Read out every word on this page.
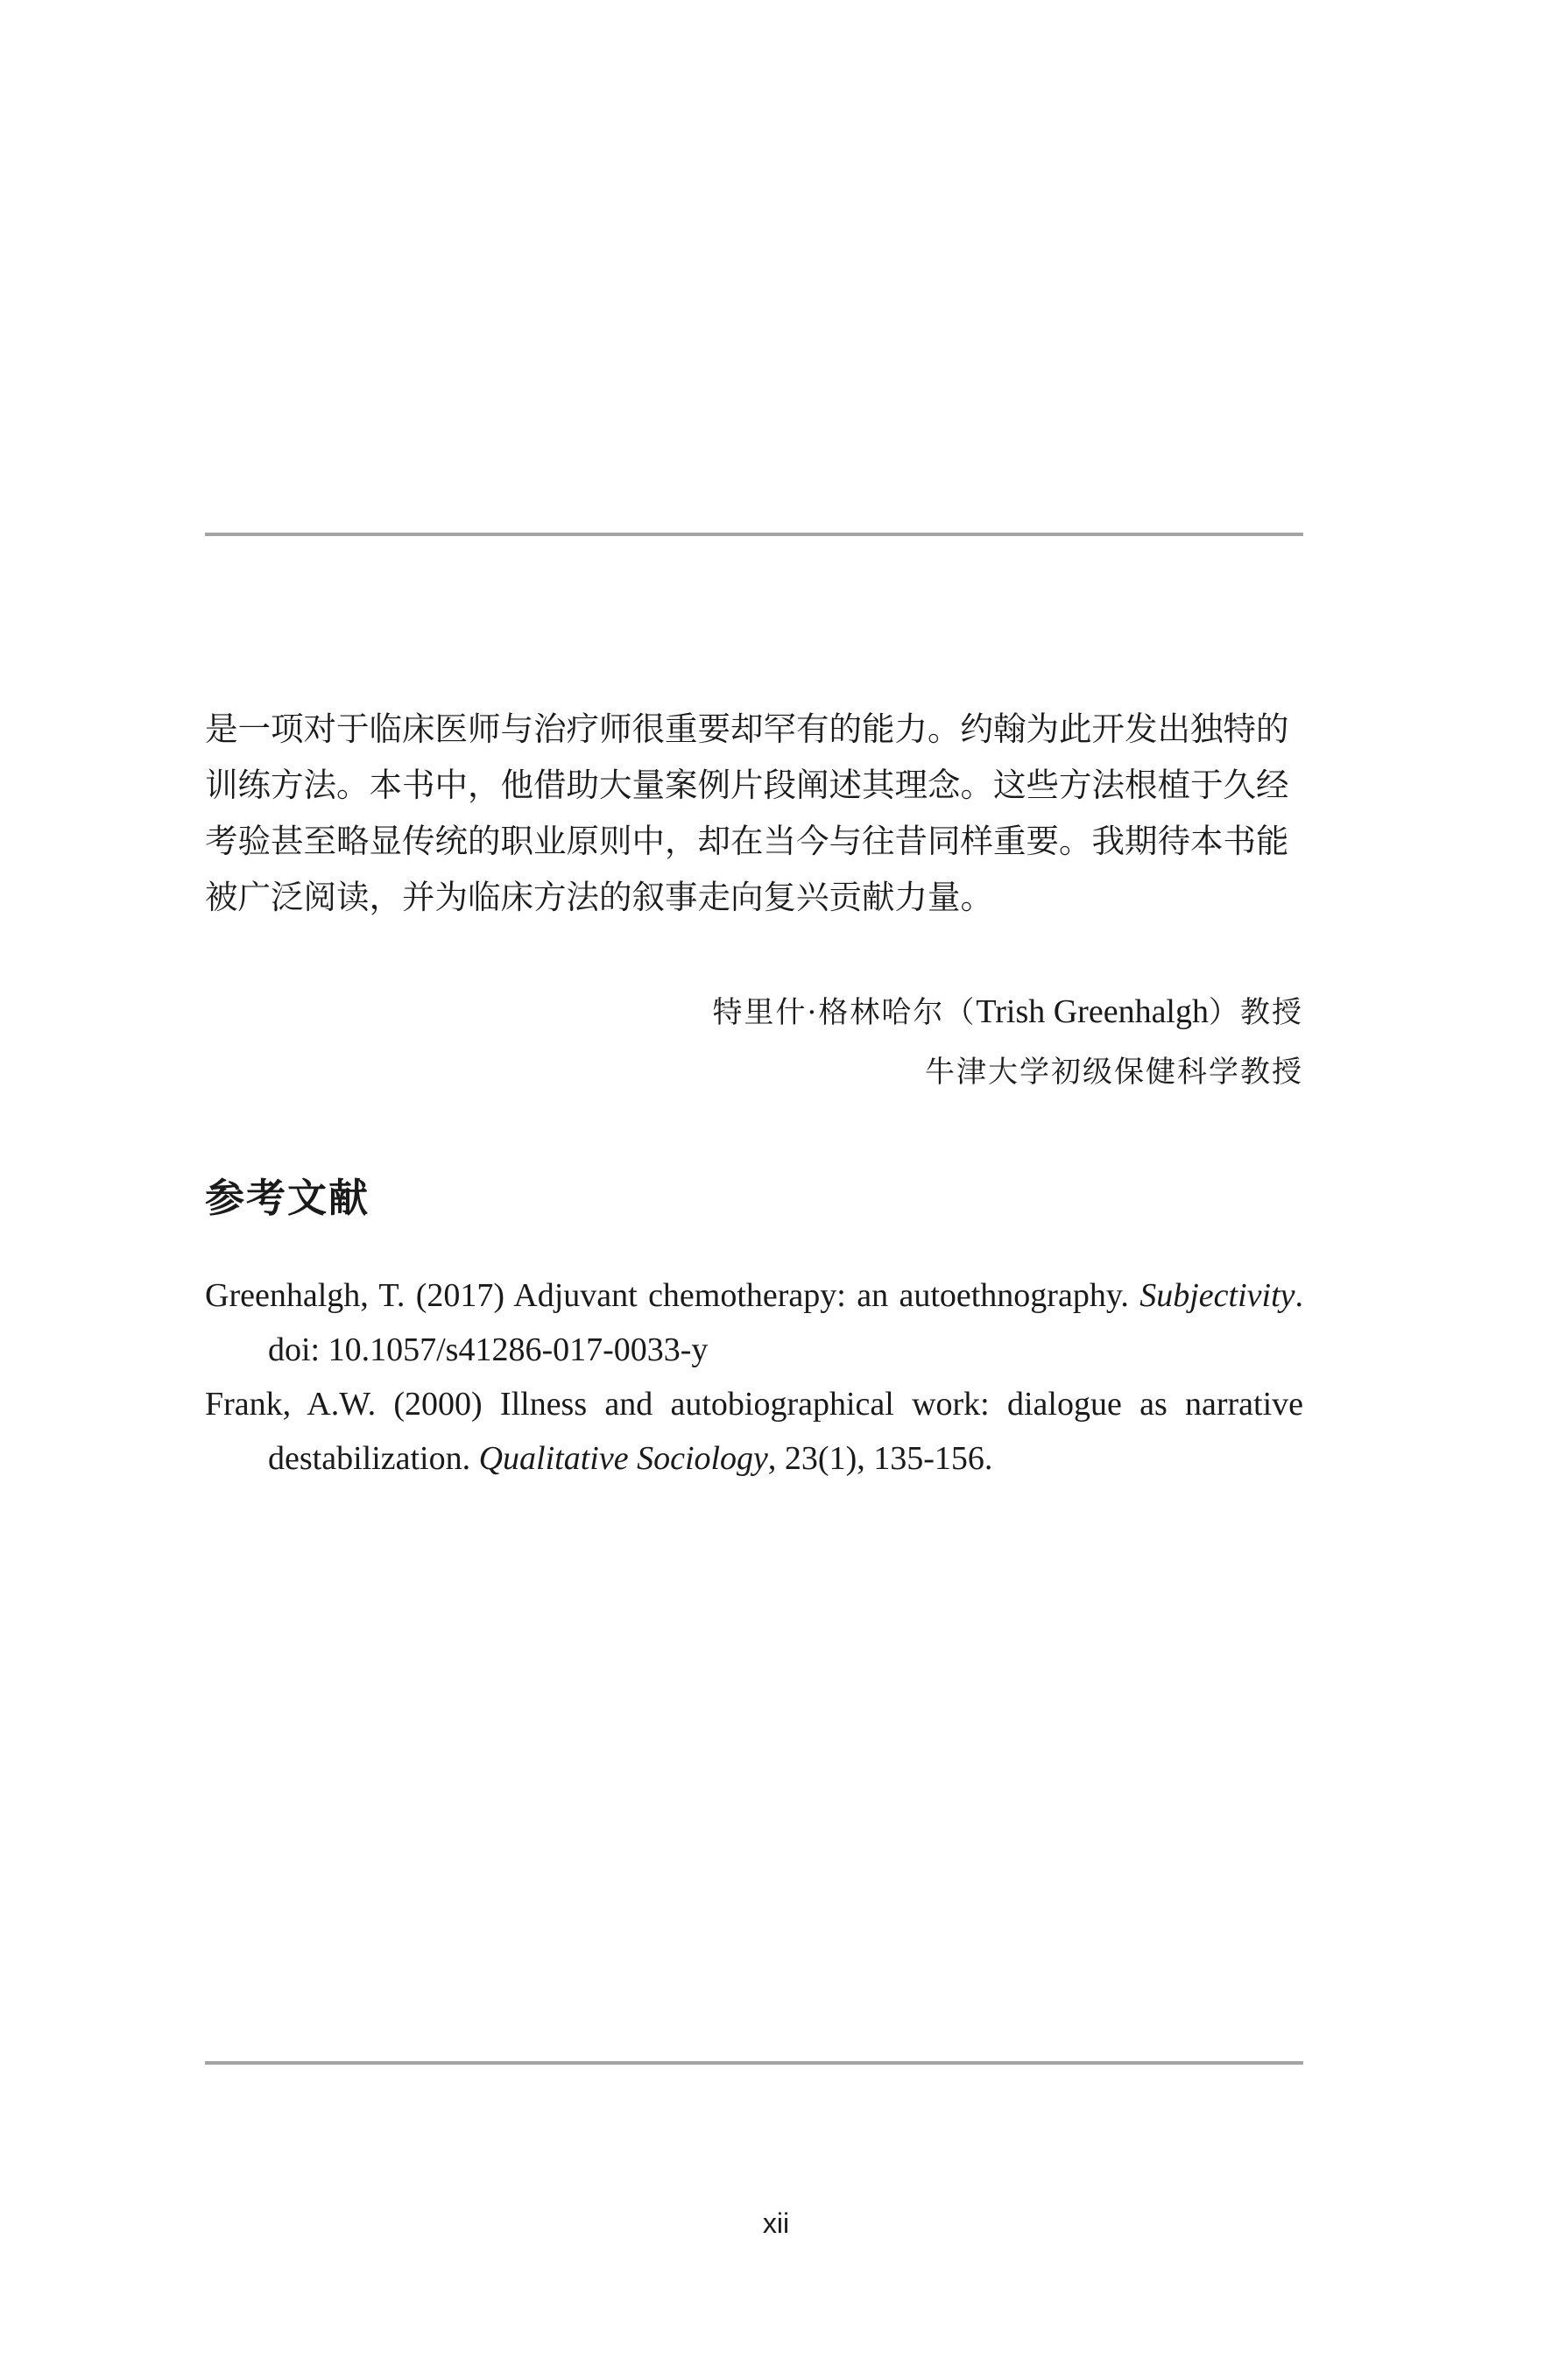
是一项对于临床医师与治疗师很重要却罕有的能力。约翰为此开发出独特的
训练方法。本书中，他借助大量案例片段阐述其理念。这些方法根植于久经
考验甚至略显传统的职业原则中，却在当今与往昔同样重要。我期待本书能
被广泛阅读，并为临床方法的叙事走向复兴贡献力量。

特里什·格林哈尔（Trish Greenhalgh）教授
牛津大学初级保健科学教授
参考文献
Greenhalgh, T. (2017) Adjuvant chemotherapy: an autoethnography. Subjectivity.
doi: 10.1057/s41286-017-0033-y
Frank, A.W. (2000) Illness and autobiographical work: dialogue as narrative
destabilization. Qualitative Sociology, 23(1), 135-156.

xii
